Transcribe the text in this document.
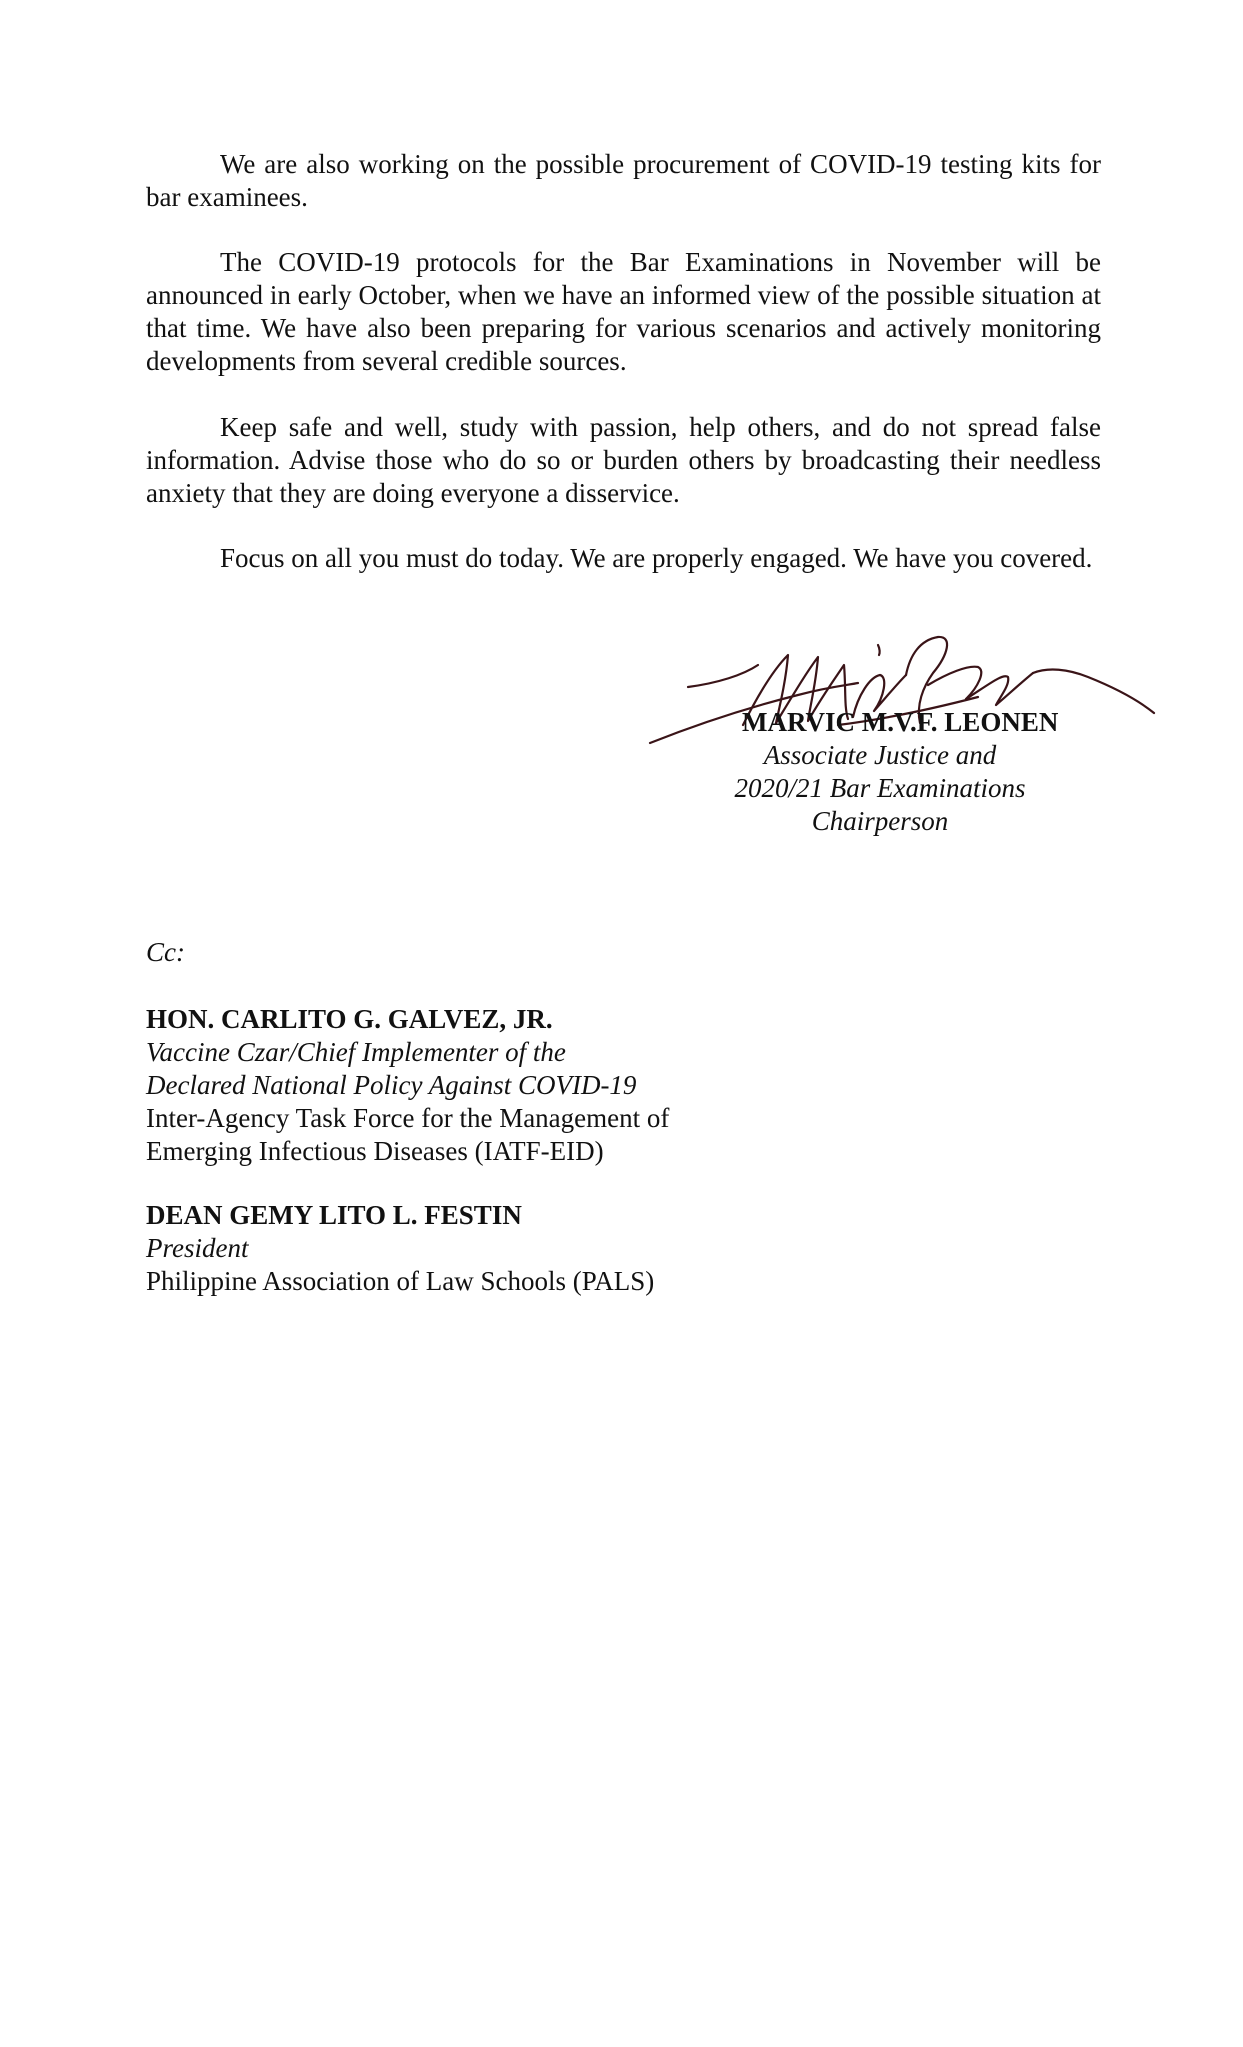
We are also working on the possible procurement of COVID-19 testing kits for bar examinees.

The COVID-19 protocols for the Bar Examinations in November will be announced in early October, when we have an informed view of the possible situation at that time. We have also been preparing for various scenarios and actively monitoring developments from several credible sources.

Keep safe and well, study with passion, help others, and do not spread false information. Advise those who do so or burden others by broadcasting their needless anxiety that they are doing everyone a disservice.

Focus on all you must do today. We are properly engaged. We have you covered.

MARVIC M.V.F. LEONEN

Associate Justice and

2020/21 Bar Examinations

Chairperson

Cc:

HON. CARLITO G. GALVEZ, JR.
Vaccine Czar/Chief Implementer of the
Declared National Policy Against COVID-19
Inter-Agency Task Force for the Management of
Emerging Infectious Diseases (IATF-EID)
DEAN GEMY LITO L. FESTIN
President
Philippine Association of Law Schools (PALS)
